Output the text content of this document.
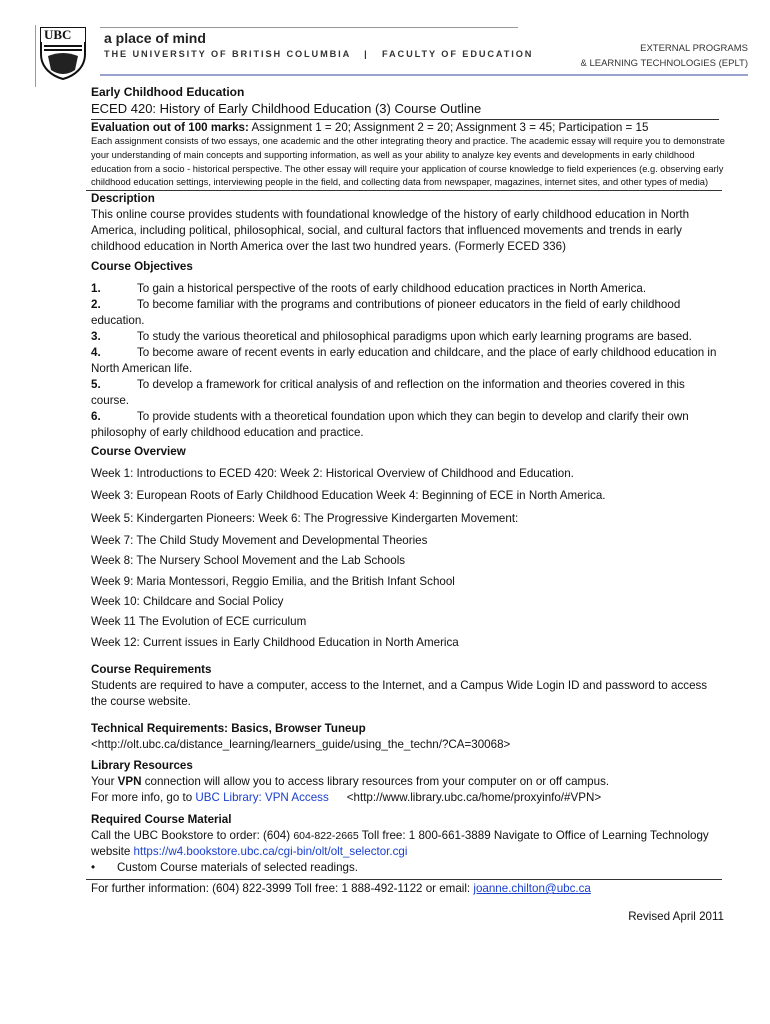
UBC a place of mind
THE UNIVERSITY OF BRITISH COLUMBIA   |   FACULTY OF EDUCATION	EXTERNAL PROGRAMS
& LEARNING TECHNOLOGIES (EPLT)
Early Childhood Education
ECED 420: History of Early Childhood Education (3) Course Outline
Evaluation out of 100 marks: Assignment 1 = 20; Assignment 2 = 20; Assignment 3 = 45; Participation = 15
Each assignment consists of two essays, one academic and the other integrating theory and practice. The academic essay will require you to demonstrate
your understanding of main concepts and supporting information, as well as your ability to analyze key events and developments in early childhood
education from a socio - historical perspective. The other essay will require your application of course knowledge to field experiences (e.g. observing early
childhood education settings, interviewing people in the field, and collecting data from newspaper, magazines, internet sites, and other types of media)
Description
This online course provides students with foundational knowledge of the history of early childhood education in North
America, including political, philosophical, social, and cultural factors that influenced movements and trends in early
childhood education in North America over the last two hundred years. (Formerly ECED 336)
Course Objectives
1.	To gain a historical perspective of the roots of early childhood education practices in North America.
2.	To become familiar with the programs and contributions of pioneer educators in the field of early childhood
education.
3.	To study the various theoretical and philosophical paradigms upon which early learning programs are based.
4.	To become aware of recent events in early education and childcare, and the place of early childhood education in
North American life.
5.	To develop a framework for critical analysis of and reflection on the information and theories covered in this
course.
6.	To provide students with a theoretical foundation upon which they can begin to develop and clarify their own
philosophy of early childhood education and practice.
Course Overview
Week 1: Introductions to ECED 420: Week 2: Historical Overview of Childhood and Education.
Week 3: European Roots of Early Childhood Education Week 4: Beginning of ECE in North America.
Week 5: Kindergarten Pioneers: Week 6: The Progressive Kindergarten Movement:
Week 7: The Child Study Movement and Developmental Theories
Week 8: The Nursery School Movement and the Lab Schools
Week 9: Maria Montessori, Reggio Emilia, and the British Infant School
Week 10: Childcare and Social Policy
Week 11 The Evolution of ECE curriculum
Week 12: Current issues in Early Childhood Education in North America
Course Requirements
Students are required to have a computer, access to the Internet, and a Campus Wide Login ID and password to access
the course website.
Technical Requirements: Basics, Browser Tuneup
<http://olt.ubc.ca/distance_learning/learners_guide/using_the_techn/?CA=30068>
Library Resources
Your VPN connection will allow you to access library resources from your computer on or off campus.
For more info, go to UBC Library: VPN Access <http://www.library.ubc.ca/home/proxyinfo/#VPN>
Required Course Material
Call the UBC Bookstore to order: (604) 604-822-2665 Toll free: 1 800-661-3889 Navigate to Office of Learning Technology
website https://w4.bookstore.ubc.ca/cgi-bin/olt/olt_selector.cgi
• Custom Course materials of selected readings.
For further information: (604) 822-3999 Toll free: 1 888-492-1122 or email: joanne.chilton@ubc.ca
Revised April 2011
